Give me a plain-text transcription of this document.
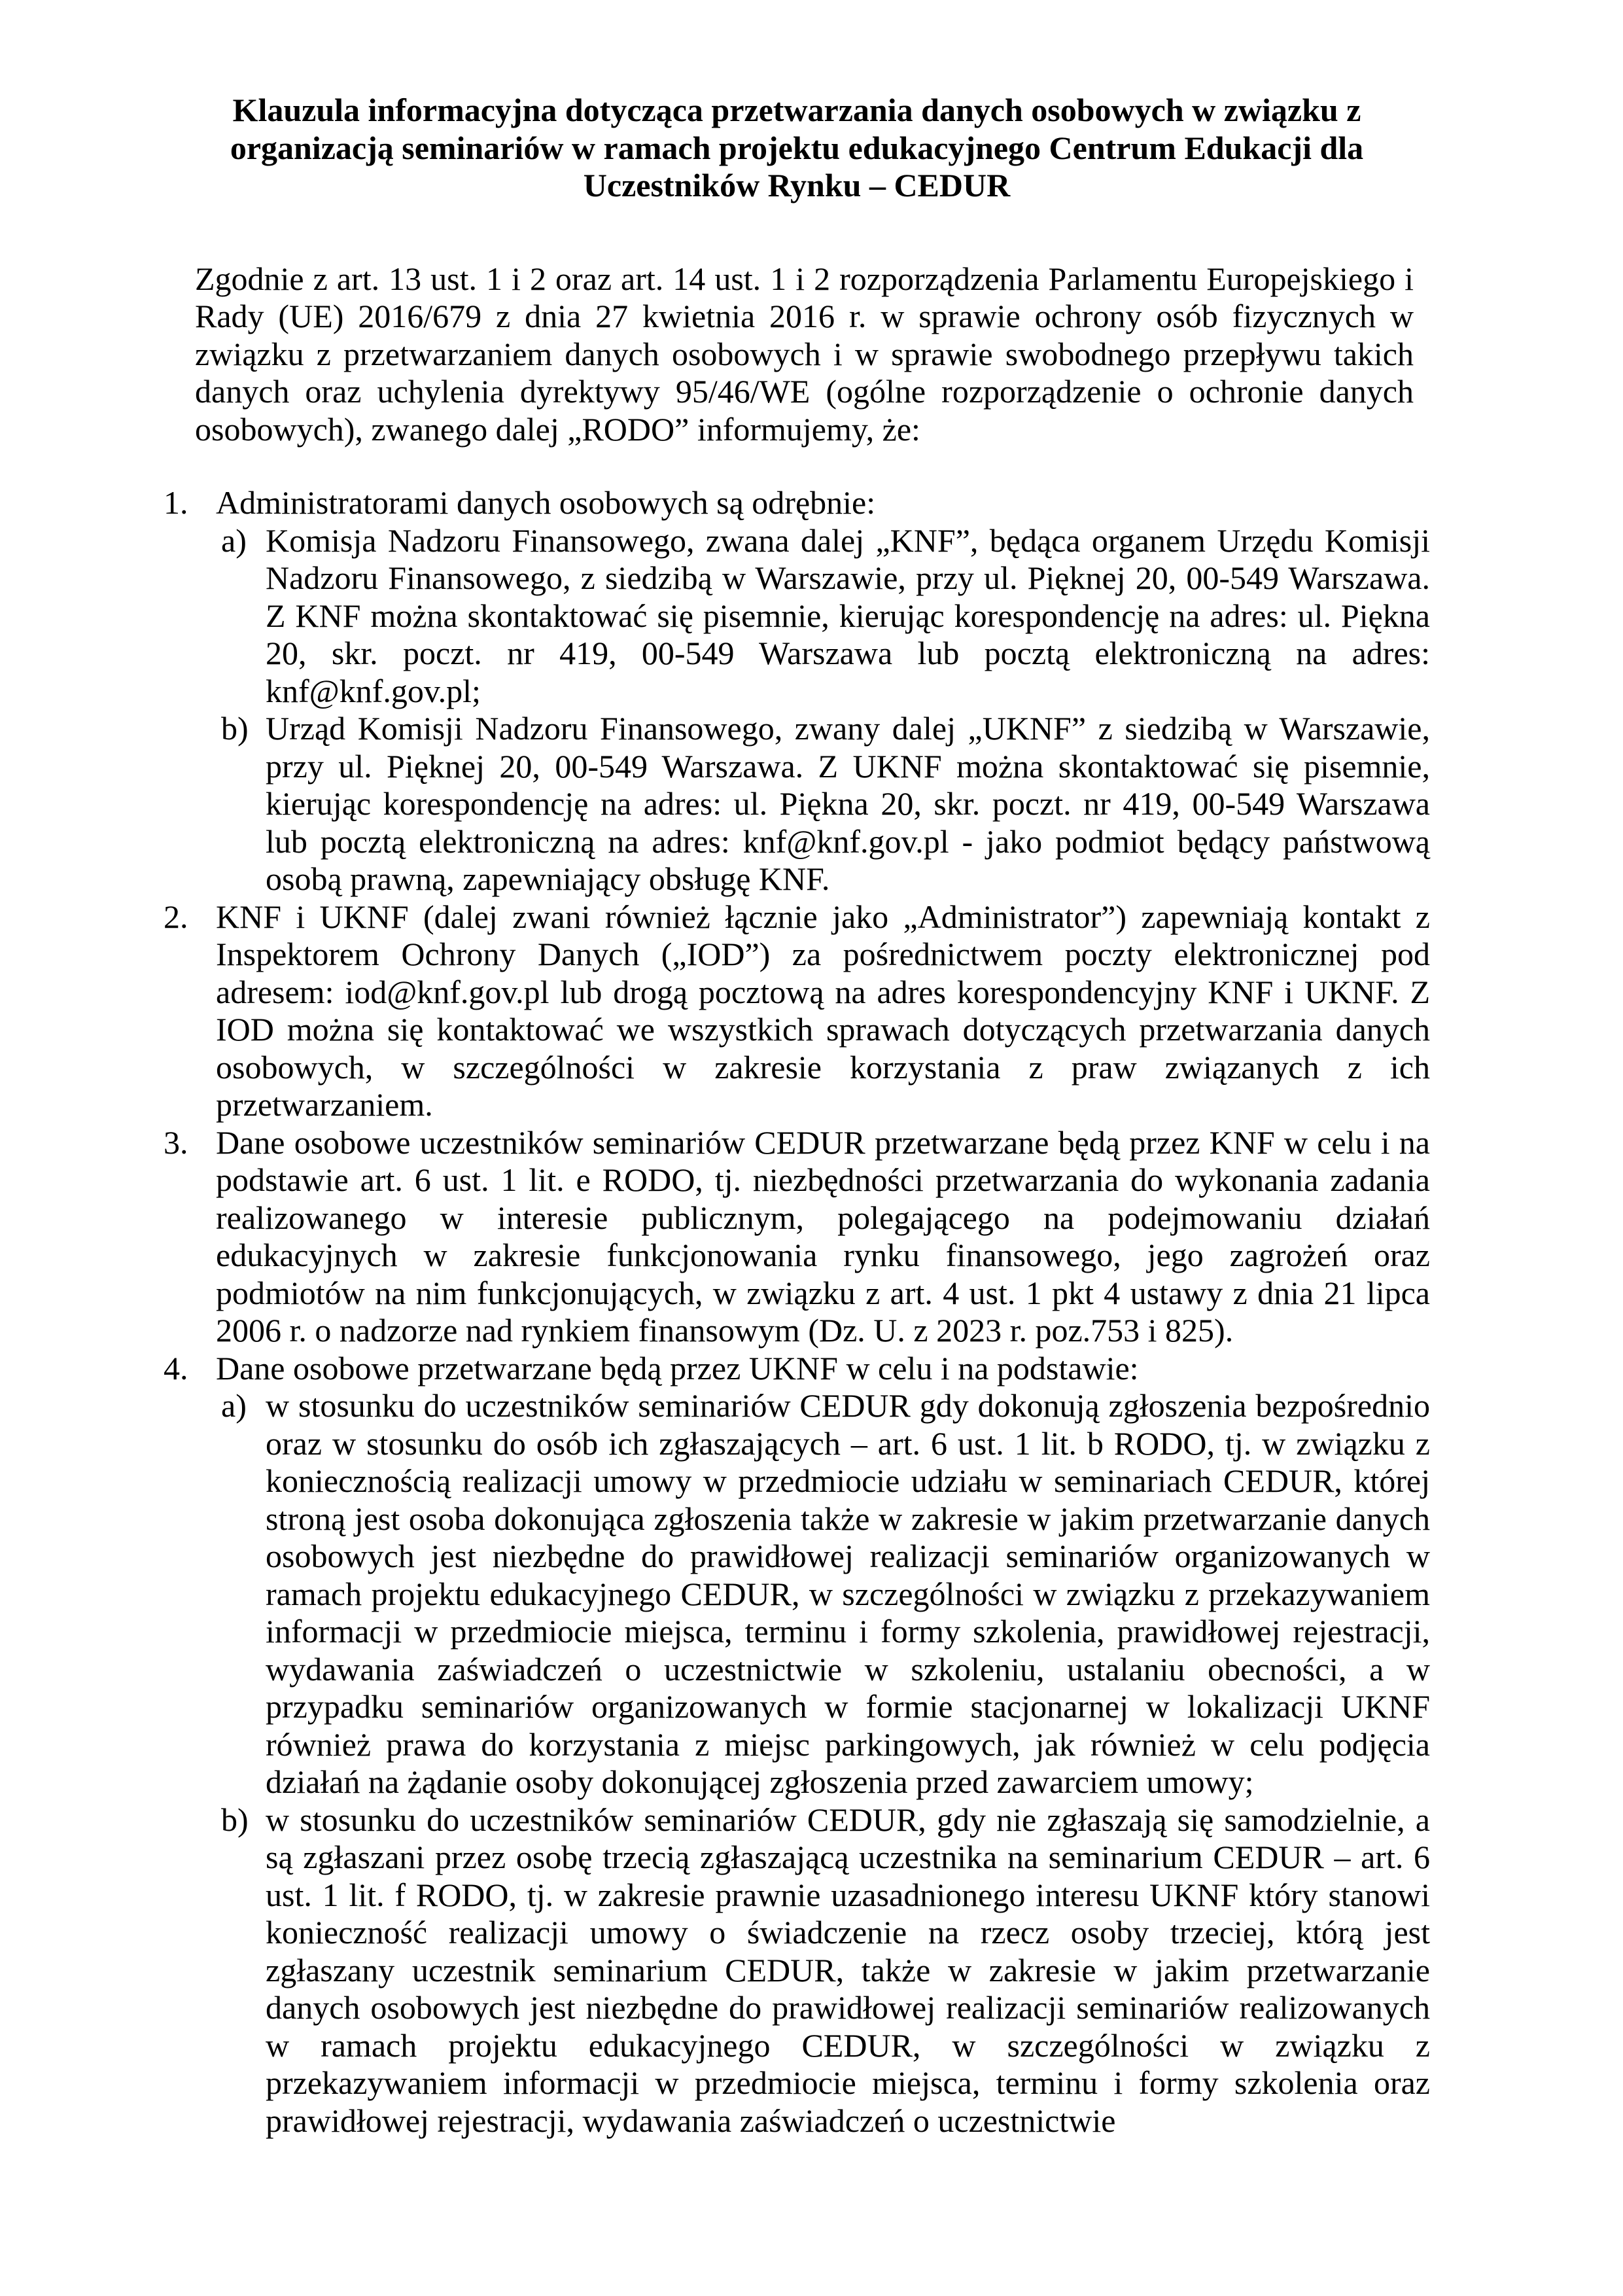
Klauzula informacyjna dotycząca przetwarzania danych osobowych w związku z organizacją seminariów w ramach projektu edukacyjnego Centrum Edukacji dla Uczestników Rynku – CEDUR

Zgodnie z art. 13 ust. 1 i 2 oraz art. 14 ust. 1 i 2 rozporządzenia Parlamentu Europejskiego i Rady (UE) 2016/679 z dnia 27 kwietnia 2016 r. w sprawie ochrony osób fizycznych w związku z przetwarzaniem danych osobowych i w sprawie swobodnego przepływu takich danych oraz uchylenia dyrektywy 95/46/WE (ogólne rozporządzenie o ochronie danych osobowych), zwanego dalej „RODO” informujemy, że:

1. Administratorami danych osobowych są odrębnie:
a) Komisja Nadzoru Finansowego, zwana dalej „KNF”, będąca organem Urzędu Komisji Nadzoru Finansowego, z siedzibą w Warszawie, przy ul. Pięknej 20, 00-549 Warszawa. Z KNF można skontaktować się pisemnie, kierując korespondencję na adres: ul. Piękna 20, skr. poczt. nr 419, 00-549 Warszawa lub pocztą elektroniczną na adres: knf@knf.gov.pl;
b) Urząd Komisji Nadzoru Finansowego, zwany dalej „UKNF” z siedzibą w Warszawie, przy ul. Pięknej 20, 00-549 Warszawa. Z UKNF można skontaktować się pisemnie, kierując korespondencję na adres: ul. Piękna 20, skr. poczt. nr 419, 00-549 Warszawa lub pocztą elektroniczną na adres: knf@knf.gov.pl - jako podmiot będący państwową osobą prawną, zapewniający obsługę KNF.
2. KNF i UKNF (dalej zwani również łącznie jako „Administrator”) zapewniają kontakt z Inspektorem Ochrony Danych („IOD”) za pośrednictwem poczty elektronicznej pod adresem: iod@knf.gov.pl lub drogą pocztową na adres korespondencyjny KNF i UKNF. Z IOD można się kontaktować we wszystkich sprawach dotyczących przetwarzania danych osobowych, w szczególności w zakresie korzystania z praw związanych z ich przetwarzaniem.
3. Dane osobowe uczestników seminariów CEDUR przetwarzane będą przez KNF w celu i na podstawie art. 6 ust. 1 lit. e RODO, tj. niezbędności przetwarzania do wykonania zadania realizowanego w interesie publicznym, polegającego na podejmowaniu działań edukacyjnych w zakresie funkcjonowania rynku finansowego, jego zagrożeń oraz podmiotów na nim funkcjonujących, w związku z art. 4 ust. 1 pkt 4 ustawy z dnia 21 lipca 2006 r. o nadzorze nad rynkiem finansowym (Dz. U. z 2023 r. poz.753 i 825).
4. Dane osobowe przetwarzane będą przez UKNF w celu i na podstawie:
a) w stosunku do uczestników seminariów CEDUR gdy dokonują zgłoszenia bezpośrednio oraz w stosunku do osób ich zgłaszających – art. 6 ust. 1 lit. b RODO, tj. w związku z koniecznością realizacji umowy w przedmiocie udziału w seminariach CEDUR, której stroną jest osoba dokonująca zgłoszenia także w zakresie w jakim przetwarzanie danych osobowych jest niezbędne do prawidłowej realizacji seminariów organizowanych w ramach projektu edukacyjnego CEDUR, w szczególności w związku z przekazywaniem informacji w przedmiocie miejsca, terminu i formy szkolenia, prawidłowej rejestracji, wydawania zaświadczeń o uczestnictwie w szkoleniu, ustalaniu obecności, a w przypadku seminariów organizowanych w formie stacjonarnej w lokalizacji UKNF również prawa do korzystania z miejsc parkingowych, jak również w celu podjęcia działań na żądanie osoby dokonującej zgłoszenia przed zawarciem umowy;
b) w stosunku do uczestników seminariów CEDUR, gdy nie zgłaszają się samodzielnie, a są zgłaszani przez osobę trzecią zgłaszającą uczestnika na seminarium CEDUR – art. 6 ust. 1 lit. f RODO, tj. w zakresie prawnie uzasadnionego interesu UKNF który stanowi konieczność realizacji umowy o świadczenie na rzecz osoby trzeciej, którą jest zgłaszany uczestnik seminarium CEDUR, także w zakresie w jakim przetwarzanie danych osobowych jest niezbędne do prawidłowej realizacji seminariów realizowanych w ramach projektu edukacyjnego CEDUR, w szczególności w związku z przekazywaniem informacji w przedmiocie miejsca, terminu i formy szkolenia oraz prawidłowej rejestracji, wydawania zaświadczeń o uczestnictwie
